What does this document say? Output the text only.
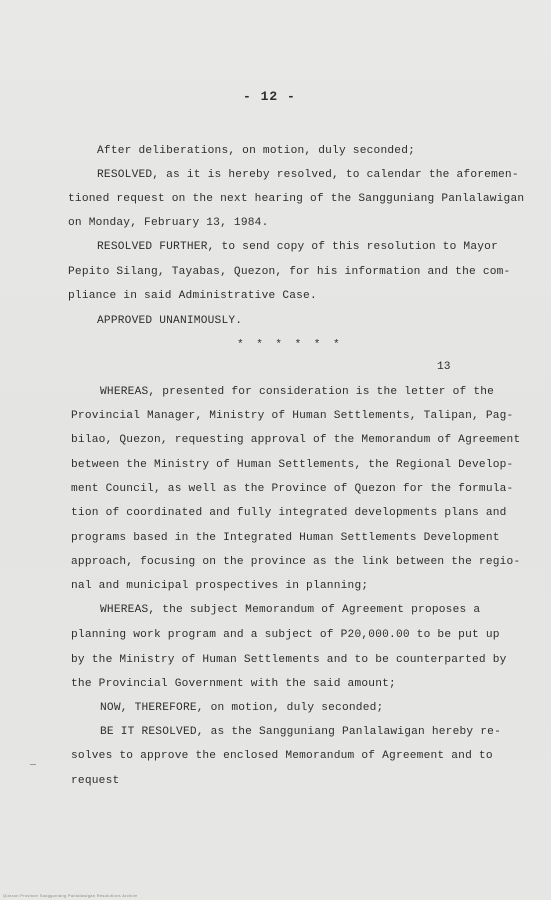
- 12 -
After deliberations, on motion, duly seconded;
RESOLVED, as it is hereby resolved, to calendar the aforemen-
tioned request on the next hearing of the Sangguniang Panlalawigan
on Monday, February 13, 1984.
RESOLVED FURTHER, to send copy of this resolution to Mayor
Pepito Silang, Tayabas, Quezon, for his information and the com-
pliance in said Administrative Case.
APPROVED UNANIMOUSLY.
* * * * * *
13
WHEREAS, presented for consideration is the letter of the
Provincial Manager, Ministry of Human Settlements, Talipan, Pag-
bilao, Quezon, requesting approval of the Memorandum of Agreement
between the Ministry of Human Settlements, the Regional Develop-
ment Council, as well as the Province of Quezon for the formula-
tion of coordinated and fully integrated developments plans and
programs based in the Integrated Human Settlements Development
approach, focusing on the province as the link between the regio-
nal and municipal prospectives in planning;
WHEREAS, the subject Memorandum of Agreement proposes a
planning work program and a subject of P20,000.00 to be put up
by the Ministry of Human Settlements and to be counterparted by
the Provincial Government with the said amount;
NOW, THEREFORE, on motion, duly seconded;
BE IT RESOLVED, as the Sangguniang Panlalawigan hereby re-
solves to approve the enclosed Memorandum of Agreement and to
request
Quezon Province Sangguniang Panlalawigan Resolutions Archive
